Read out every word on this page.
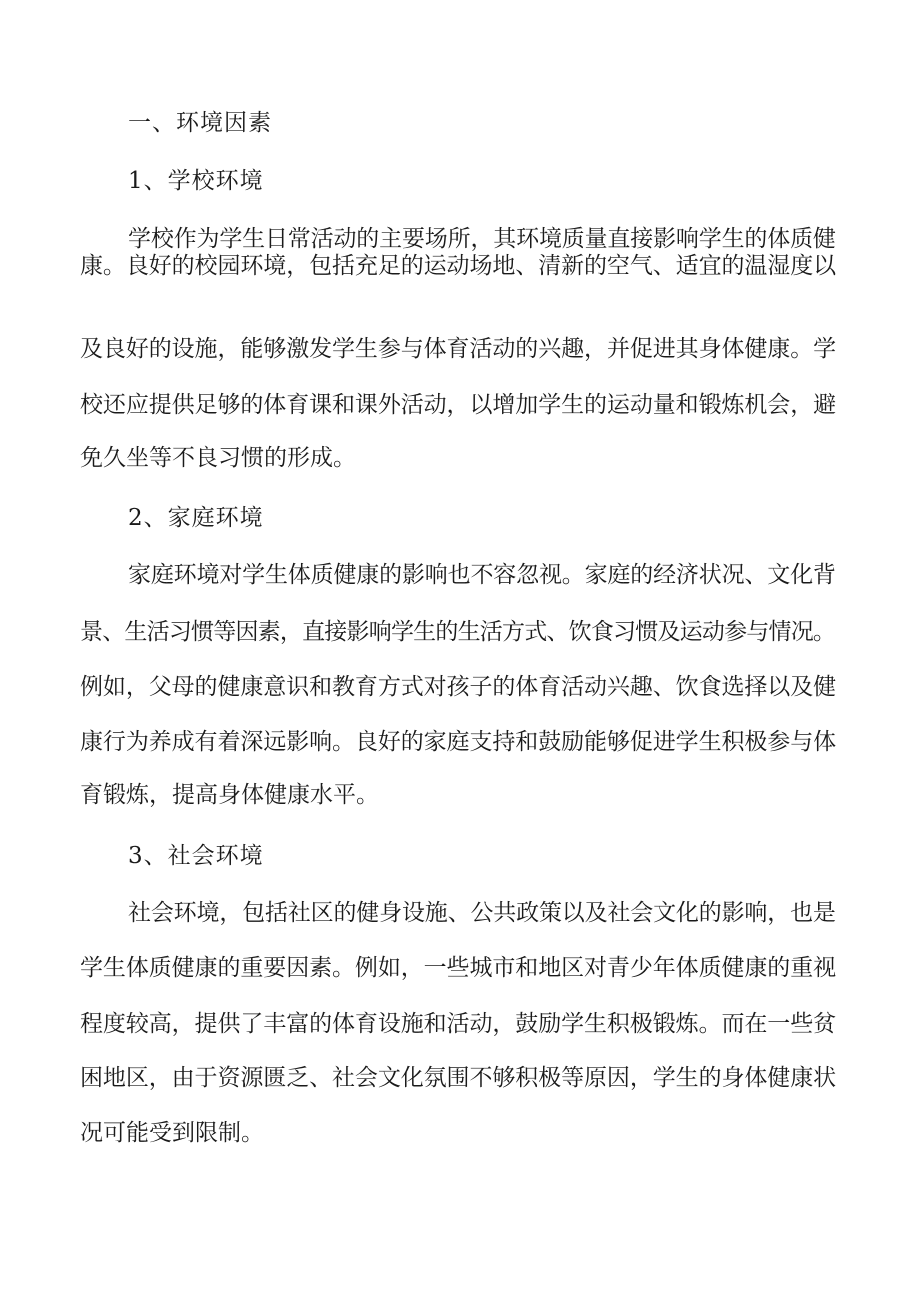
一、环境因素
1、学校环境
学校作为学生日常活动的主要场所，其环境质量直接影响学生的体质健
康。良好的校园环境，包括充足的运动场地、清新的空气、适宜的温湿度以
及良好的设施，能够激发学生参与体育活动的兴趣，并促进其身体健康。学
校还应提供足够的体育课和课外活动，以增加学生的运动量和锻炼机会，避
免久坐等不良习惯的形成。
2、家庭环境
家庭环境对学生体质健康的影响也不容忽视。家庭的经济状况、文化背
景、生活习惯等因素，直接影响学生的生活方式、饮食习惯及运动参与情况。
例如，父母的健康意识和教育方式对孩子的体育活动兴趣、饮食选择以及健
康行为养成有着深远影响。良好的家庭支持和鼓励能够促进学生积极参与体
育锻炼，提高身体健康水平。
3、社会环境
社会环境，包括社区的健身设施、公共政策以及社会文化的影响，也是
学生体质健康的重要因素。例如，一些城市和地区对青少年体质健康的重视
程度较高，提供了丰富的体育设施和活动，鼓励学生积极锻炼。而在一些贫
困地区，由于资源匮乏、社会文化氛围不够积极等原因，学生的身体健康状
况可能受到限制。
